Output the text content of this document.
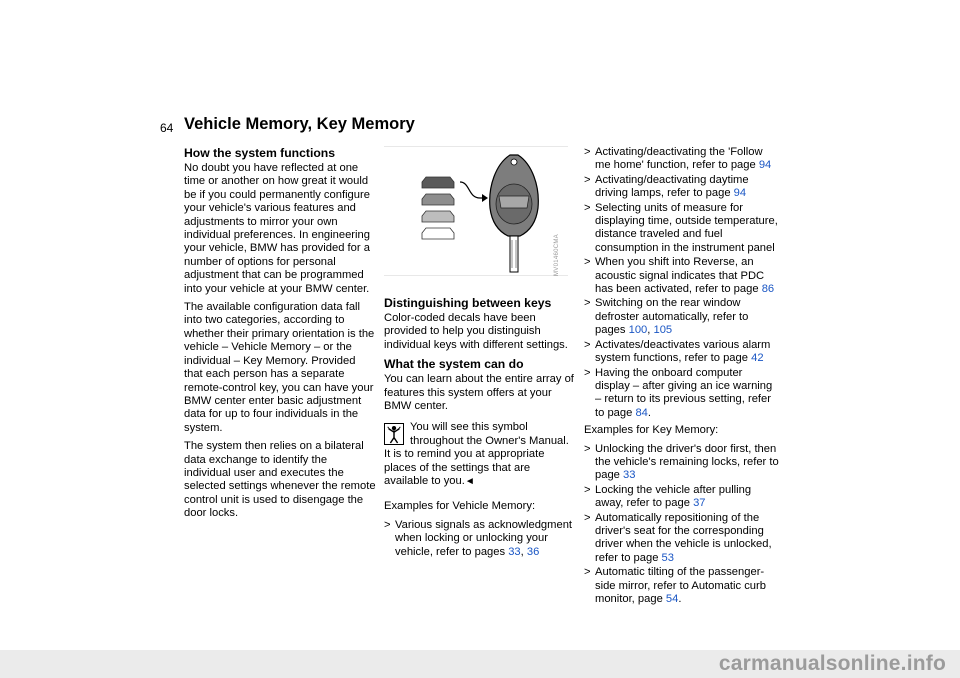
64 Vehicle Memory, Key Memory
How the system functions

No doubt you have reflected at one time or another on how great it would be if you could permanently configure your vehicle's various features and adjustments to mirror your own individual preferences. In engineering your vehicle, BMW has provided for a number of options for personal adjustment that can be programmed into your vehicle at your BMW center.

The available configuration data fall into two categories, according to whether their primary orientation is the vehicle – Vehicle Memory – or the individual – Key Memory. Provided that each person has a separate remote-control key, you can have your BMW center enter basic adjustment data for up to four individuals in the system.

The system then relies on a bilateral data exchange to identify the individual user and executes the selected settings whenever the remote control unit is used to disengage the door locks.

MV01460CMA
Distinguishing between keys

Color-coded decals have been provided to help you distinguish individual keys with different settings.

What the system can do

You can learn about the entire array of features this system offers at your BMW center.

You will see this symbol throughout the Owner's Manual. It is to remind you at appropriate places of the settings that are available to you.◄

Examples for Vehicle Memory:

> Various signals as acknowledgment when locking or unlocking your vehicle, refer to pages 33, 36
> Activating/deactivating the 'Follow me home' function, refer to page 94
> Activating/deactivating daytime driving lamps, refer to page 94
> Selecting units of measure for displaying time, outside temperature, distance traveled and fuel consumption in the instrument panel
> When you shift into Reverse, an acoustic signal indicates that PDC has been activated, refer to page 86
> Switching on the rear window defroster automatically, refer to pages 100, 105
> Activates/deactivates various alarm system functions, refer to page 42
> Having the onboard computer display – after giving an ice warning – return to its previous setting, refer to page 84.

Examples for Key Memory:

> Unlocking the driver's door first, then the vehicle's remaining locks, refer to page 33
> Locking the vehicle after pulling away, refer to page 37
> Automatically repositioning of the driver's seat for the corresponding driver when the vehicle is unlocked, refer to page 53
> Automatic tilting of the passenger-side mirror, refer to Automatic curb monitor, page 54.
carmanualsonline.info
